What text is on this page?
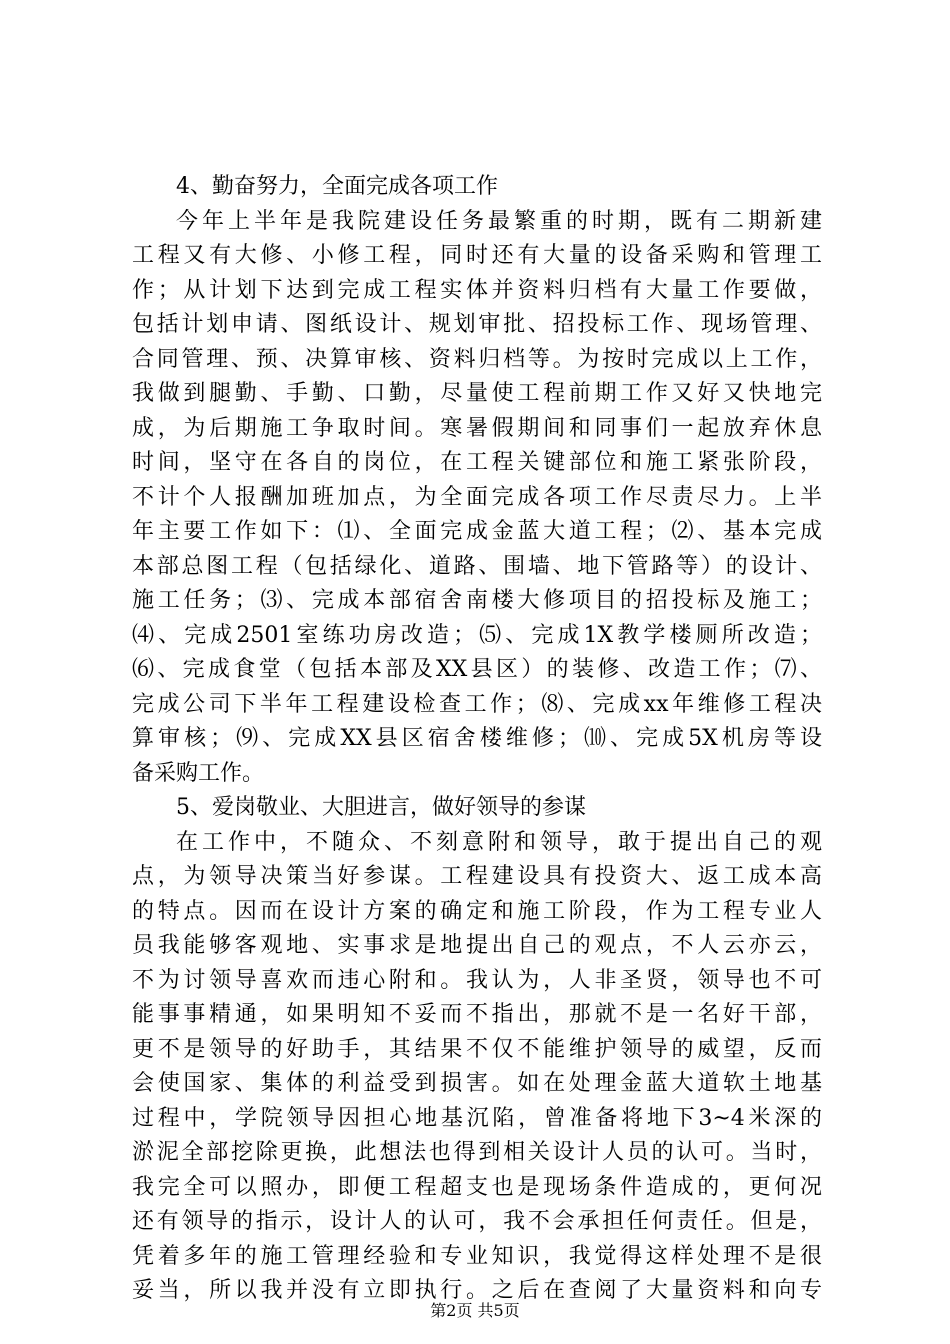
4、勤奋努力，全面完成各项工作
今年上半年是我院建设任务最繁重的时期，既有二期新建
工程又有大修、小修工程，同时还有大量的设备采购和管理工
作；从计划下达到完成工程实体并资料归档有大量工作要做，
包括计划申请、图纸设计、规划审批、招投标工作、现场管理、
合同管理、预、决算审核、资料归档等。为按时完成以上工作，
我做到腿勤、手勤、口勤，尽量使工程前期工作又好又快地完
成，为后期施工争取时间。寒暑假期间和同事们一起放弃休息
时间，坚守在各自的岗位，在工程关键部位和施工紧张阶段，
不计个人报酬加班加点，为全面完成各项工作尽责尽力。上半
年主要工作如下：⑴、全面完成金蓝大道工程；⑵、基本完成
本部总图工程（包括绿化、道路、围墙、地下管路等）的设计、
施工任务；⑶、完成本部宿舍南楼大修项目的招投标及施工；
⑷、完成2501室练功房改造；⑸、完成1X教学楼厕所改造；
⑹、完成食堂（包括本部及XX县区）的装修、改造工作；⑺、
完成公司下半年工程建设检查工作；⑻、完成xx年维修工程决
算审核；⑼、完成XX县区宿舍楼维修；⑽、完成5X机房等设
备采购工作。
5、爱岗敬业、大胆进言，做好领导的参谋
在工作中，不随众、不刻意附和领导，敢于提出自己的观
点，为领导决策当好参谋。工程建设具有投资大、返工成本高
的特点。因而在设计方案的确定和施工阶段，作为工程专业人
员我能够客观地、实事求是地提出自己的观点，不人云亦云，
不为讨领导喜欢而违心附和。我认为，人非圣贤，领导也不可
能事事精通，如果明知不妥而不指出，那就不是一名好干部，
更不是领导的好助手，其结果不仅不能维护领导的威望，反而
会使国家、集体的利益受到损害。如在处理金蓝大道软土地基
过程中，学院领导因担心地基沉陷，曾准备将地下3~4米深的
淤泥全部挖除更换，此想法也得到相关设计人员的认可。当时，
我完全可以照办，即便工程超支也是现场条件造成的，更何况
还有领导的指示，设计人的认可，我不会承担任何责任。但是，
凭着多年的施工管理经验和专业知识，我觉得这样处理不是很
妥当，所以我并没有立即执行。之后在查阅了大量资料和向专
第2页 共5页
